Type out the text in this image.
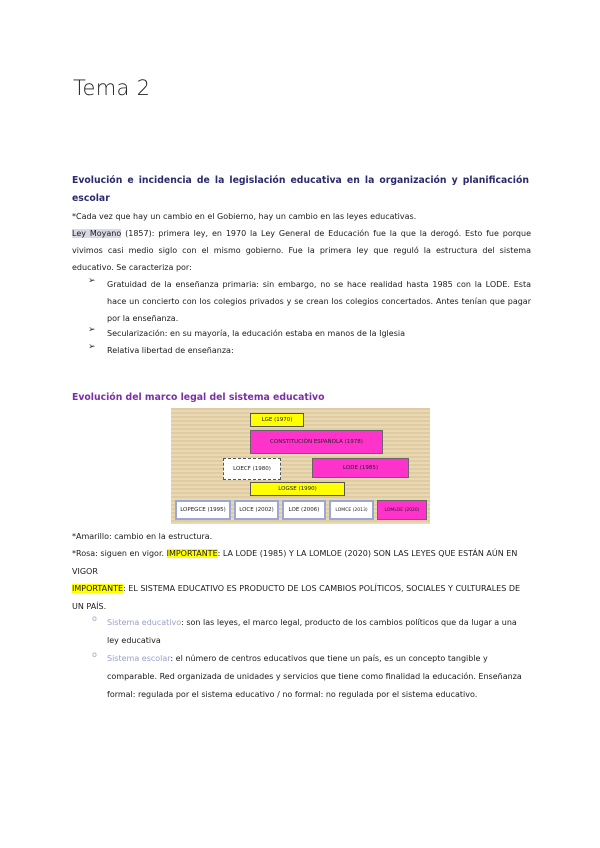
Tema 2
Evolución e incidencia de la legislación educativa en la organización y planificación escolar
*Cada vez que hay un cambio en el Gobierno, hay un cambio en las leyes educativas.
Ley Moyano (1857): primera ley, en 1970 la Ley General de Educación fue la que la derogó. Esto fue porque vivimos casi medio siglo con el mismo gobierno. Fue la primera ley que reguló la estructura del sistema educativo. Se caracteriza por:
➢ Gratuidad de la enseñanza primaria: sin embargo, no se hace realidad hasta 1985 con la LODE. Esta hace un concierto con los colegios privados y se crean los colegios concertados. Antes tenían que pagar por la enseñanza.
➢ Secularización: en su mayoría, la educación estaba en manos de la Iglesia
➢ Relativa libertad de enseñanza:
Evolución del marco legal del sistema educativo
LGE (1970)
CONSTITUCIÓN ESPAÑOLA (1978)
LOECF (1980)	LODE (1985)
LOGSE (1990)
LOPEGCE (1995)	LOCE (2002)	LOE (2006)	LOMCE (2013)	LOMLOE (2020)
*Amarillo: cambio en la estructura.
*Rosa: siguen en vigor. IMPORTANTE: LA LODE (1985) Y LA LOMLOE (2020) SON LAS LEYES QUE ESTÁN AÚN EN VIGOR
IMPORTANTE: EL SISTEMA EDUCATIVO ES PRODUCTO DE LOS CAMBIOS POLÍTICOS, SOCIALES Y CULTURALES DE UN PAÍS.
o Sistema educativo: son las leyes, el marco legal, producto de los cambios políticos que da lugar a una ley educativa
o Sistema escolar: el número de centros educativos que tiene un país, es un concepto tangible y comparable. Red organizada de unidades y servicios que tiene como finalidad la educación. Enseñanza formal: regulada por el sistema educativo / no formal: no regulada por el sistema educativo.
